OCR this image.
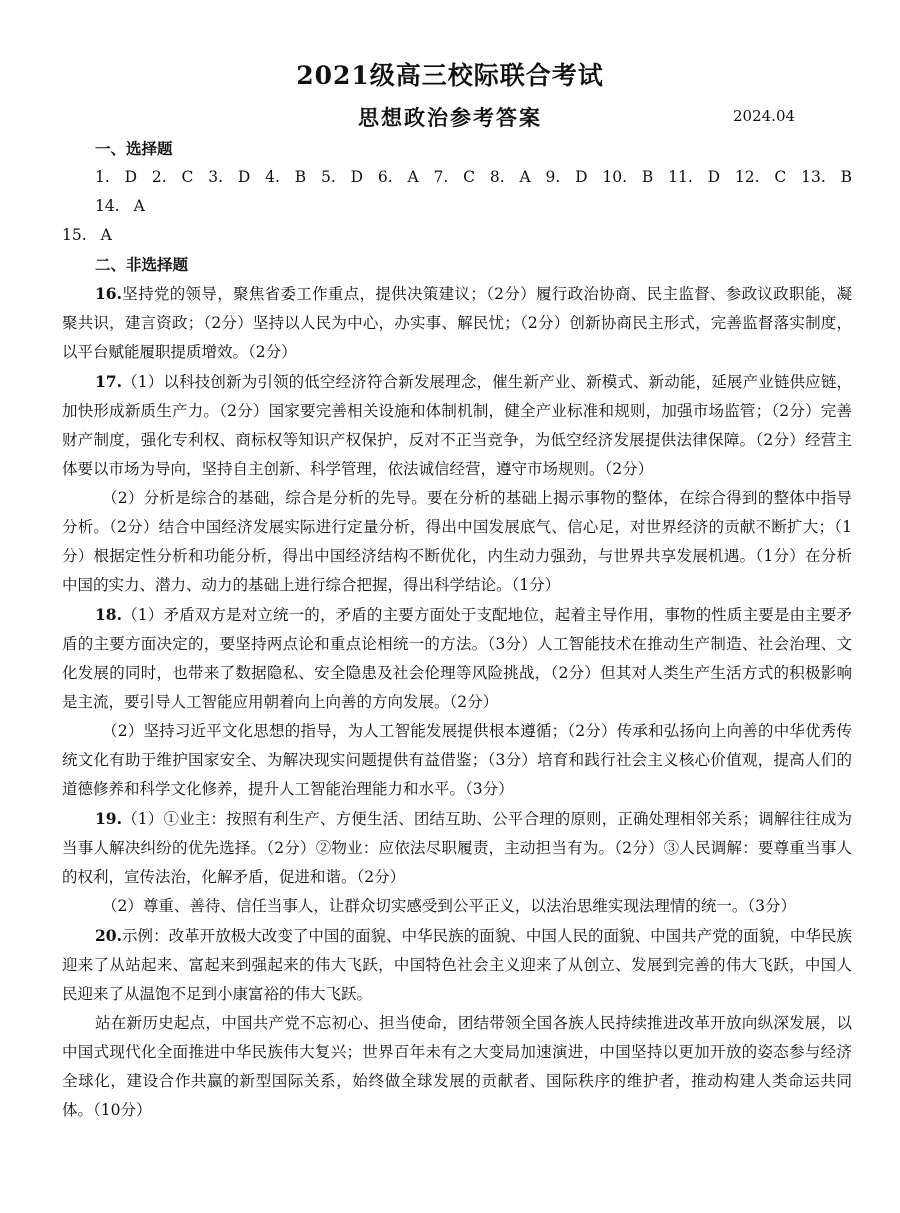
2021级高三校际联合考试
思想政治参考答案	2024.04

一、选择题

1. D 2. C 3. D 4. B 5. D 6. A 7. C 8. A 9. D 10. B 11. D 12. C 13. B 14. A
15. A

二、非选择题

16.坚持党的领导，聚焦省委工作重点，提供决策建议；（2分）履行政治协商、民主监督、参政议政职能，凝聚共识，建言资政；（2分）坚持以人民为中心，办实事、解民忧；（2分）创新协商民主形式，完善监督落实制度，以平台赋能履职提质增效。（2分）

17.（1）以科技创新为引领的低空经济符合新发展理念，催生新产业、新模式、新动能，延展产业链供应链，加快形成新质生产力。（2分）国家要完善相关设施和体制机制，健全产业标准和规则，加强市场监管；（2分）完善财产制度，强化专利权、商标权等知识产权保护，反对不正当竞争，为低空经济发展提供法律保障。（2分）经营主体要以市场为导向，坚持自主创新、科学管理，依法诚信经营，遵守市场规则。（2分）

（2）分析是综合的基础，综合是分析的先导。要在分析的基础上揭示事物的整体，在综合得到的整体中指导分析。（2分）结合中国经济发展实际进行定量分析，得出中国发展底气、信心足，对世界经济的贡献不断扩大；（1分）根据定性分析和功能分析，得出中国经济结构不断优化，内生动力强劲，与世界共享发展机遇。（1分）在分析中国的实力、潜力、动力的基础上进行综合把握，得出科学结论。（1分）

18.（1）矛盾双方是对立统一的，矛盾的主要方面处于支配地位，起着主导作用，事物的性质主要是由主要矛盾的主要方面决定的，要坚持两点论和重点论相统一的方法。（3分）人工智能技术在推动生产制造、社会治理、文化发展的同时，也带来了数据隐私、安全隐患及社会伦理等风险挑战，（2分）但其对人类生产生活方式的积极影响是主流，要引导人工智能应用朝着向上向善的方向发展。（2分）

（2）坚持习近平文化思想的指导，为人工智能发展提供根本遵循；（2分）传承和弘扬向上向善的中华优秀传统文化有助于维护国家安全、为解决现实问题提供有益借鉴；（3分）培育和践行社会主义核心价值观，提高人们的道德修养和科学文化修养，提升人工智能治理能力和水平。（3分）

19.（1）①业主：按照有利生产、方便生活、团结互助、公平合理的原则，正确处理相邻关系；调解往往成为当事人解决纠纷的优先选择。（2分）②物业：应依法尽职履责，主动担当有为。（2分）③人民调解：要尊重当事人的权利，宣传法治，化解矛盾，促进和谐。（2分）

（2）尊重、善待、信任当事人，让群众切实感受到公平正义，以法治思维实现法理情的统一。（3分）

20.示例：改革开放极大改变了中国的面貌、中华民族的面貌、中国人民的面貌、中国共产党的面貌，中华民族迎来了从站起来、富起来到强起来的伟大飞跃，中国特色社会主义迎来了从创立、发展到完善的伟大飞跃，中国人民迎来了从温饱不足到小康富裕的伟大飞跃。

站在新历史起点，中国共产党不忘初心、担当使命，团结带领全国各族人民持续推进改革开放向纵深发展，以中国式现代化全面推进中华民族伟大复兴；世界百年未有之大变局加速演进，中国坚持以更加开放的姿态参与经济全球化，建设合作共赢的新型国际关系，始终做全球发展的贡献者、国际秩序的维护者，推动构建人类命运共同体。（10分）
